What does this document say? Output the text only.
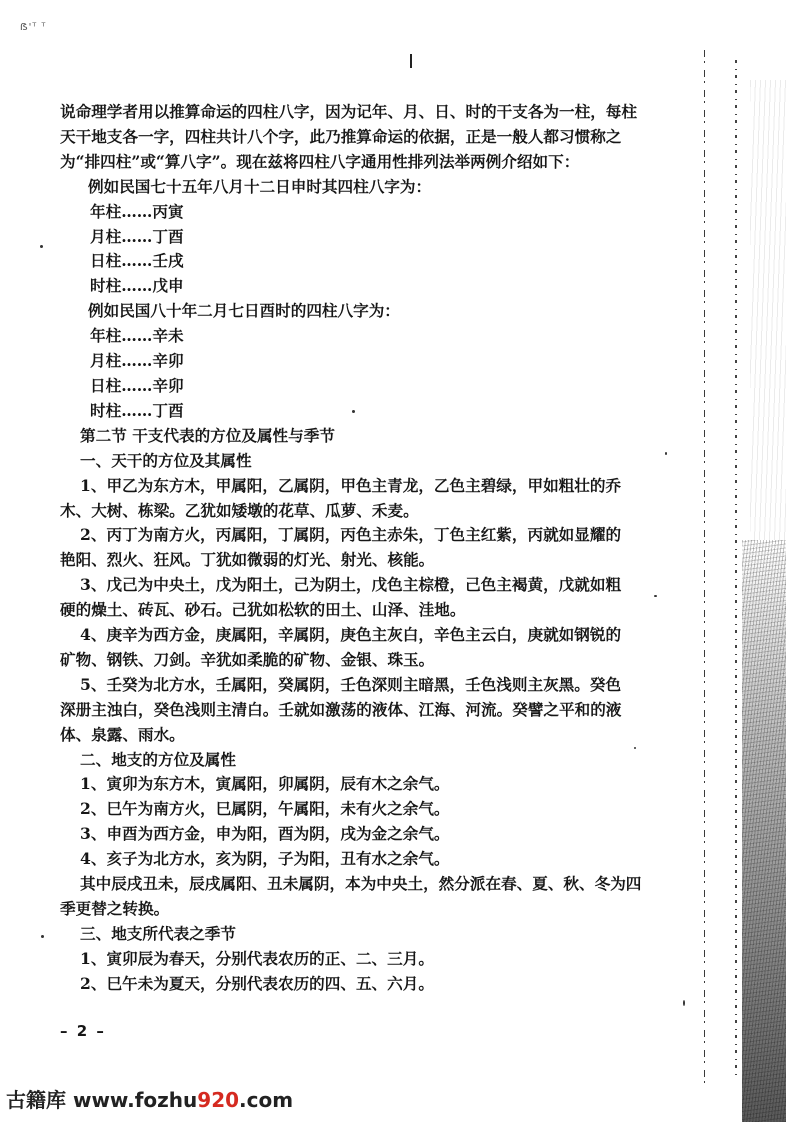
ẞ'ᵀ ᵀ
说命理学者用以推算命运的四柱八字，因为记年、月、日、时的干支各为一柱，每柱
天干地支各一字，四柱共计八个字，此乃推算命运的依据，正是一般人都习惯称之
为“排四柱”或“算八字”。现在兹将四柱八字通用性排列法举两例介绍如下：
例如民国七十五年八月十二日申时其四柱八字为：
年柱……丙寅
月柱……丁酉
日柱……壬戌
时柱……戊申
例如民国八十年二月七日酉时的四柱八字为：
年柱……辛未
月柱……辛卯
日柱……辛卯
时柱……丁酉
第二节 干支代表的方位及属性与季节
一、天干的方位及其属性
1、甲乙为东方木，甲属阳，乙属阴，甲色主青龙，乙色主碧绿，甲如粗壮的乔
木、大树、栋梁。乙犹如矮墩的花草、瓜萝、禾麦。
2、丙丁为南方火，丙属阳，丁属阴，丙色主赤朱，丁色主红紫，丙就如显耀的
艳阳、烈火、狂风。丁犹如微弱的灯光、射光、核能。
3、戊己为中央土，戊为阳土，己为阴土，戊色主棕橙，己色主褐黄，戊就如粗
硬的燥土、砖瓦、砂石。己犹如松软的田土、山泽、洼地。
4、庚辛为西方金，庚属阳，辛属阴，庚色主灰白，辛色主云白，庚就如钢锐的
矿物、钢铁、刀剑。辛犹如柔脆的矿物、金银、珠玉。
5、壬癸为北方水，壬属阳，癸属阴，壬色深则主暗黑，壬色浅则主灰黑。癸色
深册主浊白，癸色浅则主清白。壬就如激荡的液体、江海、河流。癸譬之平和的液
体、泉露、雨水。
二、地支的方位及属性
1、寅卯为东方木，寅属阳，卯属阴，辰有木之余气。
2、巳午为南方火，巳属阴，午属阳，未有火之余气。
3、申酉为西方金，申为阳，酉为阴，戌为金之余气。
4、亥子为北方水，亥为阴，子为阳，丑有水之余气。
其中辰戌丑未，辰戌属阳、丑未属阴，本为中央土，然分派在春、夏、秋、冬为四
季更替之转换。
三、地支所代表之季节
1、寅卯辰为春天，分别代表农历的正、二、三月。
2、巳午未为夏天，分别代表农历的四、五、六月。
– 2 –
古籍库 www.fozhu920.com
